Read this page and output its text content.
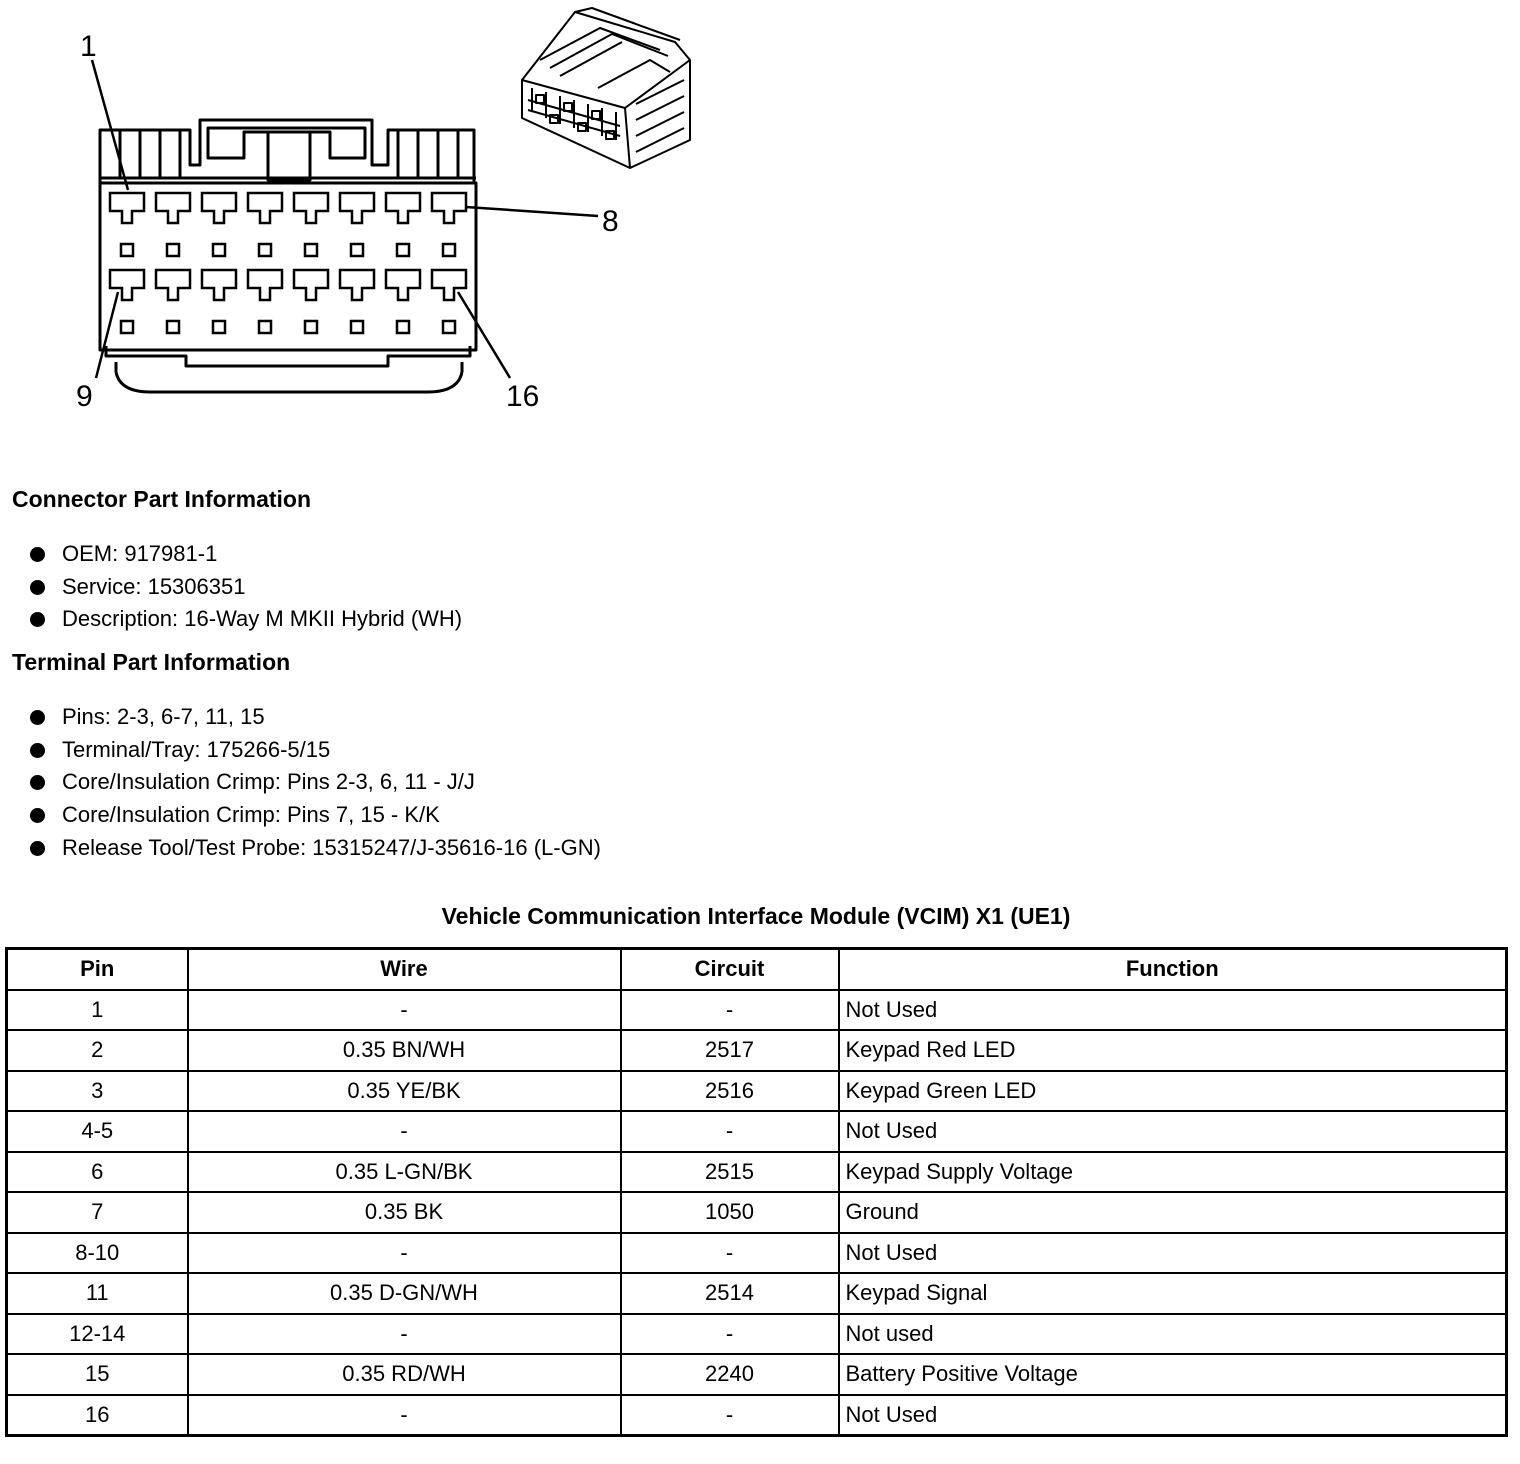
1
8
9	16
Connector Part Information
OEM: 917981-1
Service: 15306351
Description: 16-Way M MKII Hybrid (WH)
Terminal Part Information
Pins: 2-3, 6-7, 11, 15
Terminal/Tray: 175266-5/15
Core/Insulation Crimp: Pins 2-3, 6, 11 - J/J
Core/Insulation Crimp: Pins 7, 15 - K/K
Release Tool/Test Probe: 15315247/J-35616-16 (L-GN)
Vehicle Communication Interface Module (VCIM) X1 (UE1)
Pin	Wire	Circuit	Function
1	-	-	Not Used
2	0.35 BN/WH	2517	Keypad Red LED
3	0.35 YE/BK	2516	Keypad Green LED
4-5	-	-	Not Used
6	0.35 L-GN/BK	2515	Keypad Supply Voltage
7	0.35 BK	1050	Ground
8-10	-	-	Not Used
11	0.35 D-GN/WH	2514	Keypad Signal
12-14	-	-	Not used
15	0.35 RD/WH	2240	Battery Positive Voltage
16	-	-	Not Used
